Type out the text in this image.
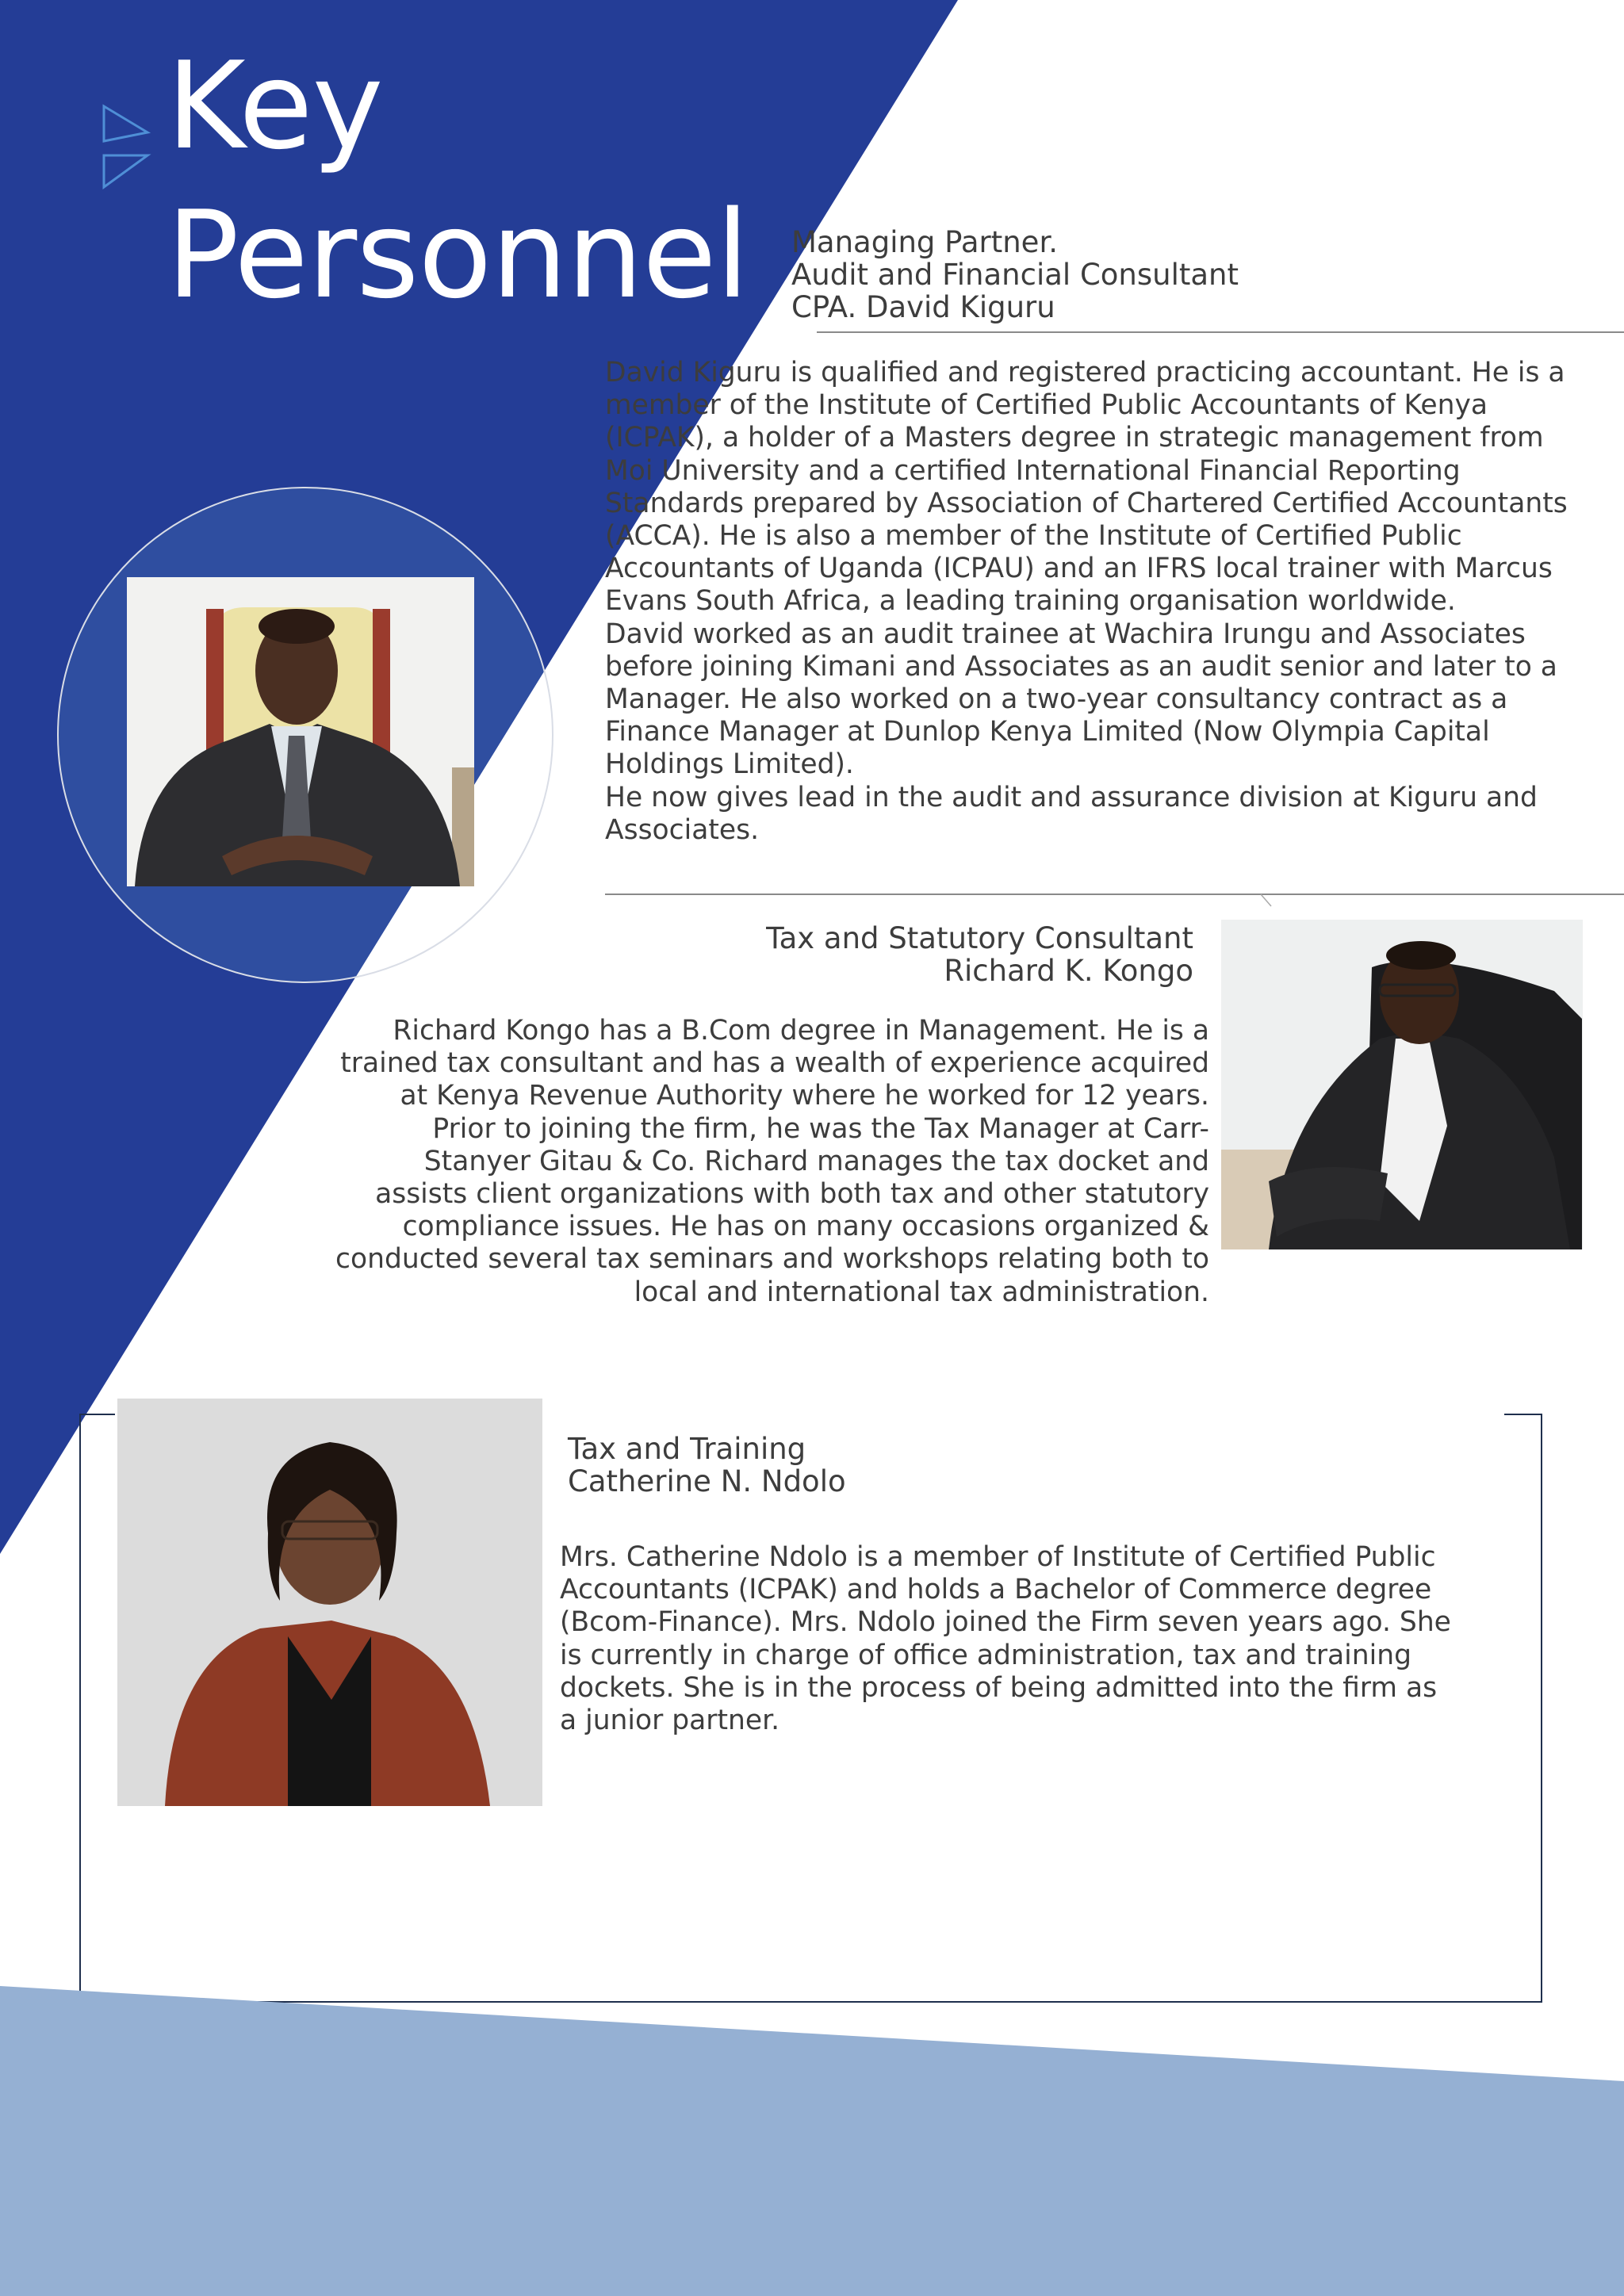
Key
Personnel Managing Partner.
Audit and Financial Consultant
CPA. David Kiguru

David Kiguru is qualified and registered practicing accountant. He is a member of the Institute of Certified Public Accountants of Kenya (ICPAK), a holder of a Masters degree in strategic management from Moi University and a certified International Financial Reporting Standards prepared by Association of Chartered Certified Accountants (ACCA). He is also a member of the Institute of Certified Public Accountants of Uganda (ICPAU) and an IFRS local trainer with Marcus Evans South Africa, a leading training organisation worldwide.

David worked as an audit trainee at Wachira Irungu and Associates before joining Kimani and Associates as an audit senior and later to a Manager. He also worked on a two-year consultancy contract as a Finance Manager at Dunlop Kenya Limited (Now Olympia Capital Holdings Limited).

He now gives lead in the audit and assurance division at Kiguru and Associates.

Tax and Statutory Consultant
Richard K. Kongo

Richard Kongo has a B.Com degree in Management. He is a trained tax consultant and has a wealth of experience acquired at Kenya Revenue Authority where he worked for 12 years. Prior to joining the firm, he was the Tax Manager at Carr-Stanyer Gitau & Co. Richard manages the tax docket and assists client organizations with both tax and other statutory compliance issues. He has on many occasions organized & conducted several tax seminars and workshops relating both to local and international tax administration.

Tax and Training
Catherine N. Ndolo

Mrs. Catherine Ndolo is a member of Institute of Certified Public Accountants (ICPAK) and holds a Bachelor of Commerce degree (Bcom-Finance). Mrs. Ndolo joined the Firm seven years ago. She is currently in charge of office administration, tax and training dockets. She is in the process of being admitted into the firm as a junior partner.
